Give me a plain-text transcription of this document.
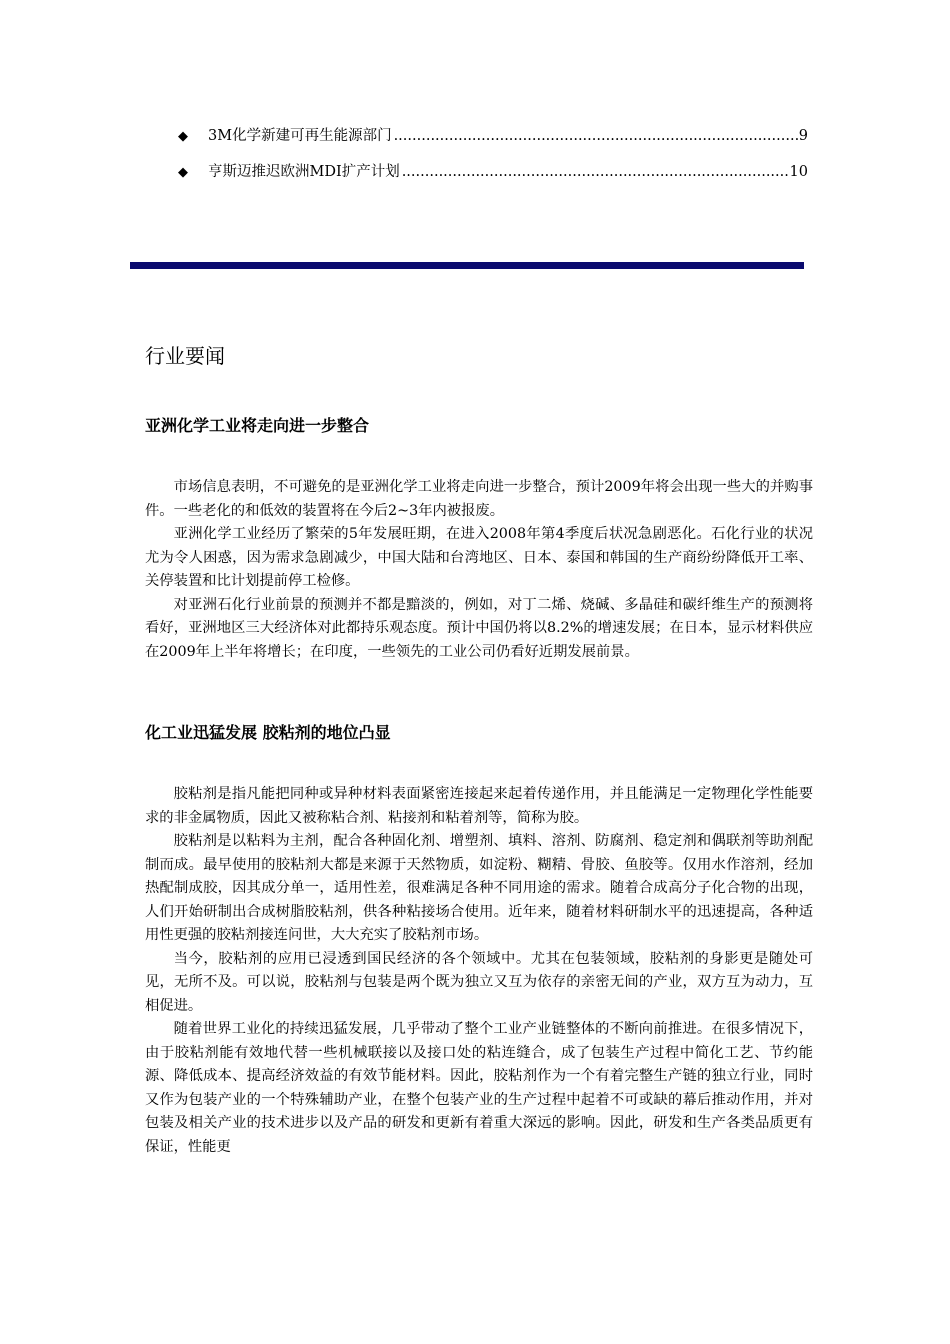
◆	3M化学新建可再生能源部门 .....	9
◆	亨斯迈推迟欧洲MDI扩产计划 .....	10
行业要闻
亚洲化学工业将走向进一步整合

市场信息表明，不可避免的是亚洲化学工业将走向进一步整合，预计2009年将会出现一些大的并购事件。一些老化的和低效的装置将在今后2~3年内被报废。

亚洲化学工业经历了繁荣的5年发展旺期，在进入2008年第4季度后状况急剧恶化。石化行业的状况尤为令人困惑，因为需求急剧减少，中国大陆和台湾地区、日本、泰国和韩国的生产商纷纷降低开工率、关停装置和比计划提前停工检修。

对亚洲石化行业前景的预测并不都是黯淡的，例如，对丁二烯、烧碱、多晶硅和碳纤维生产的预测将看好，亚洲地区三大经济体对此都持乐观态度。预计中国仍将以8.2%的增速发展；在日本，显示材料供应在2009年上半年将增长；在印度，一些领先的工业公司仍看好近期发展前景。

化工业迅猛发展 胶粘剂的地位凸显

胶粘剂是指凡能把同种或异种材料表面紧密连接起来起着传递作用，并且能满足一定物理化学性能要求的非金属物质，因此又被称粘合剂、粘接剂和粘着剂等，简称为胶。

胶粘剂是以粘料为主剂，配合各种固化剂、增塑剂、填料、溶剂、防腐剂、稳定剂和偶联剂等助剂配制而成。最早使用的胶粘剂大都是来源于天然物质，如淀粉、糊精、骨胶、鱼胶等。仅用水作溶剂，经加热配制成胶，因其成分单一，适用性差，很难满足各种不同用途的需求。随着合成高分子化合物的出现，人们开始研制出合成树脂胶粘剂，供各种粘接场合使用。近年来，随着材料研制水平的迅速提高，各种适用性更强的胶粘剂接连问世，大大充实了胶粘剂市场。

当今，胶粘剂的应用已浸透到国民经济的各个领域中。尤其在包装领域，胶粘剂的身影更是随处可见，无所不及。可以说，胶粘剂与包装是两个既为独立又互为依存的亲密无间的产业，双方互为动力，互相促进。

随着世界工业化的持续迅猛发展，几乎带动了整个工业产业链整体的不断向前推进。在很多情况下，由于胶粘剂能有效地代替一些机械联接以及接口处的粘连缝合，成了包装生产过程中简化工艺、节约能源、降低成本、提高经济效益的有效节能材料。因此，胶粘剂作为一个有着完整生产链的独立行业，同时又作为包装产业的一个特殊辅助产业，在整个包装产业的生产过程中起着不可或缺的幕后推动作用，并对包装及相关产业的技术进步以及产品的研发和更新有着重大深远的影响。因此，研发和生产各类品质更有保证，性能更
